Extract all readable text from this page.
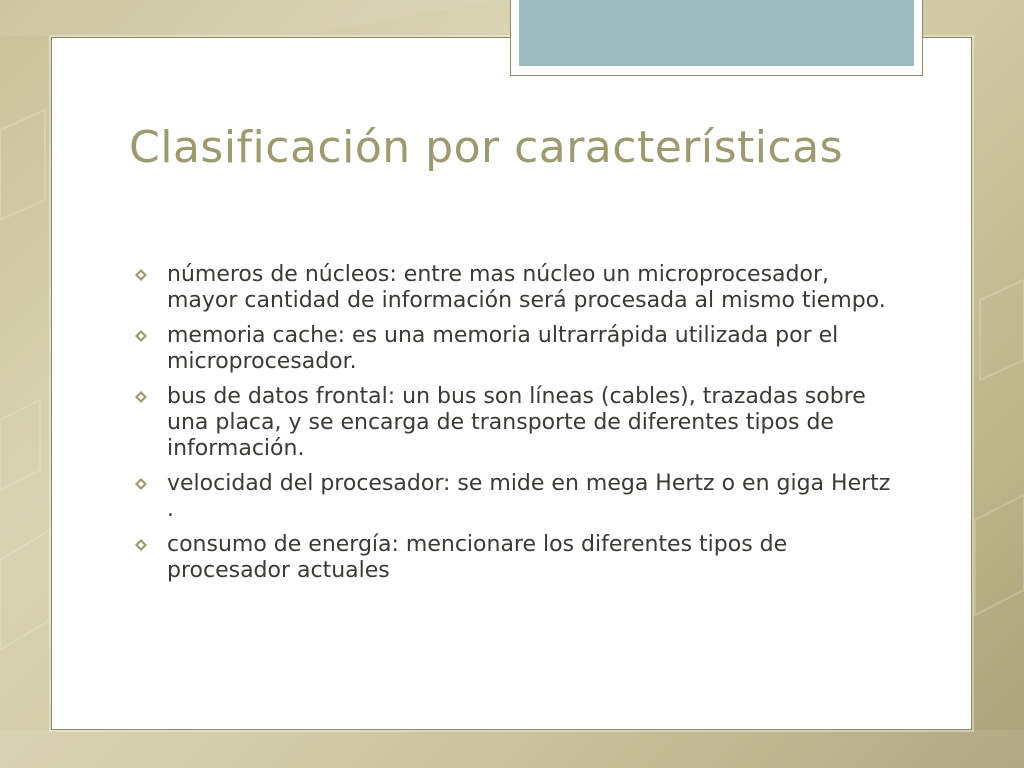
Clasificación por características
números de núcleos: entre mas núcleo un microprocesador, mayor cantidad de información será procesada al mismo tiempo.
memoria cache: es una memoria ultrarrápida utilizada por el microprocesador.
bus de datos frontal: un bus son líneas (cables), trazadas sobre una placa, y se encarga de transporte de diferentes tipos de información.
velocidad del procesador: se mide en mega Hertz o en giga Hertz .
consumo de energía: mencionare los diferentes tipos de procesador actuales
